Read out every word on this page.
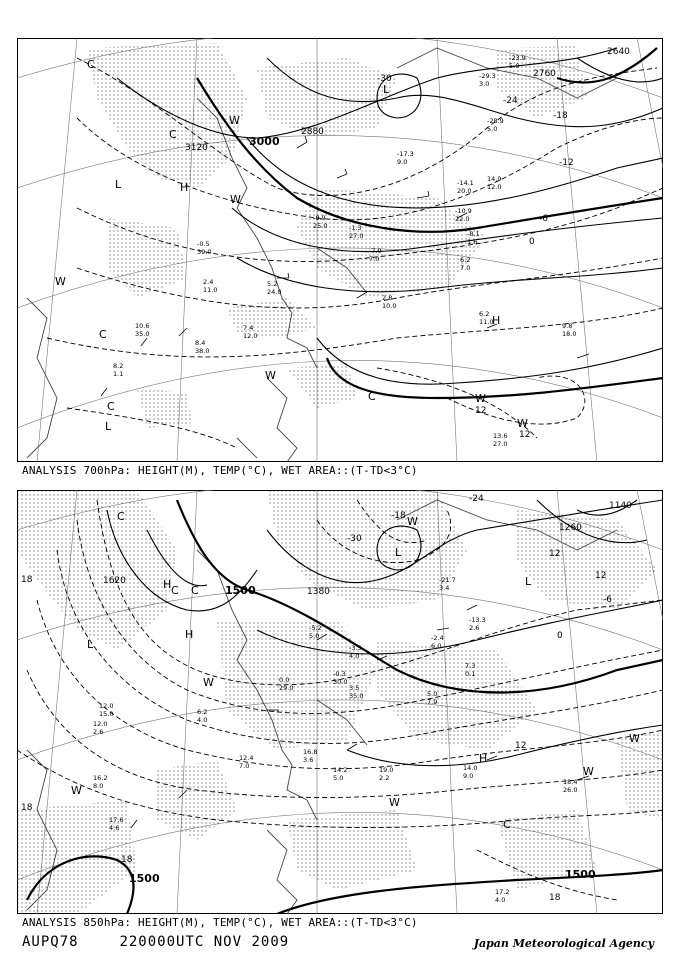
3000
3120
2880
2760
2640
-30
-24
-18
-12
-6
0
12
12
L
L
L
H
H
W
W
W
W
W
W
C
C
C
C
C
-8.9
25.0
-14.1
20.0
-10.9
22.0
-1.3
27.0
-0.5
39.0
5.2
24.0
2.8
10.0
6.2
11.0	9.8
18.0
13.6
27.0
10.6
35.0
8.4
38.0
8.2
1.1
2.4
11.0
-29.3
3.0
-23.9
5.0
-28.9
5.0
-17.3
9.0
14.9
12.0
-8.1
1.6
6.2
7.0
-7.9
7.0
7.4
12.0
ANALYSIS 700hPa: HEIGHT(M), TEMP(°C), WET AREA::(T-TD<3°C)
1500
1500	1500
1380
1620
1260
1140
-30
-24
-18
18
12
12
18
18
18
0
12
-6
L
L
L
H
H
H
W
W
W
W
W
W
C
C C
C
0.0
29.0
-0.3
30.0
6.2
4.0
12.0
2.6
16.2
8.0
17.6
4.6
15.0
12.0
14.0
9.0
19.0
2.2	18.4
26.0
17.2
4.0
14.2
5.0
-21.7
3.4
-13.3
2.6
7.3
0.1
5.0
7.9
-2.4
6.0
3.5
35.0
-3.5
4.0
-5.2
5.0
16.8
3.6
12.4
7.0
ANALYSIS 850hPa: HEIGHT(M), TEMP(°C), WET AREA::(T-TD<3°C)
AUPQ78	220000UTC NOV 2009	Japan Meteorological Agency
